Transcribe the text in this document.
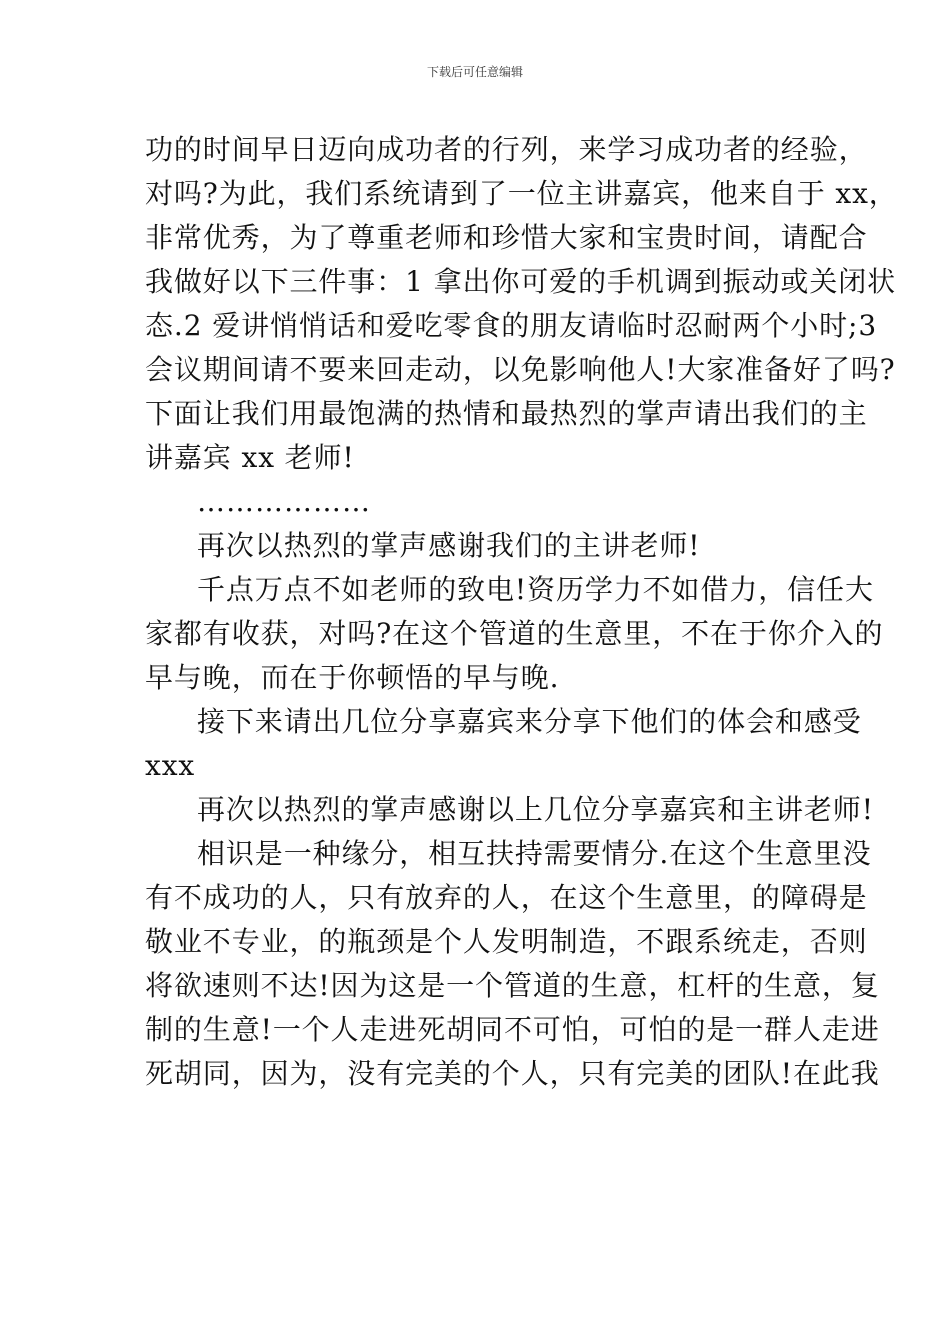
下载后可任意编辑
功的时间早日迈向成功者的行列，来学习成功者的经验，
对吗?为此，我们系统请到了一位主讲嘉宾，他来自于 xx，
非常优秀，为了尊重老师和珍惜大家和宝贵时间，请配合
我做好以下三件事：1 拿出你可爱的手机调到振动或关闭状
态.2 爱讲悄悄话和爱吃零食的朋友请临时忍耐两个小时;3
会议期间请不要来回走动，以免影响他人!大家准备好了吗?
下面让我们用最饱满的热情和最热烈的掌声请出我们的主
讲嘉宾 xx 老师!
………………
再次以热烈的掌声感谢我们的主讲老师!
千点万点不如老师的致电!资历学力不如借力，信任大
家都有收获，对吗?在这个管道的生意里，不在于你介入的
早与晚，而在于你顿悟的早与晚.
接下来请出几位分享嘉宾来分享下他们的体会和感受
xxx
再次以热烈的掌声感谢以上几位分享嘉宾和主讲老师!
相识是一种缘分，相互扶持需要情分.在这个生意里没
有不成功的人，只有放弃的人，在这个生意里，的障碍是
敬业不专业，的瓶颈是个人发明制造，不跟系统走，否则
将欲速则不达!因为这是一个管道的生意，杠杆的生意，复
制的生意!一个人走进死胡同不可怕，可怕的是一群人走进
死胡同，因为，没有完美的个人，只有完美的团队!在此我
